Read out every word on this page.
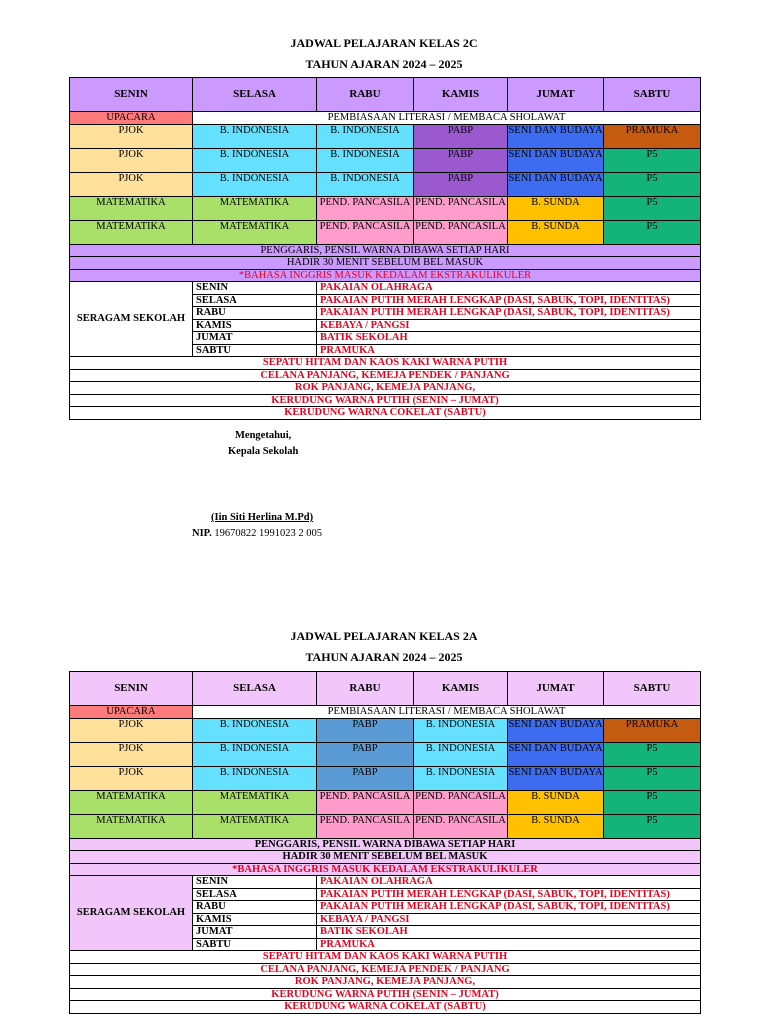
JADWAL PELAJARAN KELAS 2C
TAHUN AJARAN 2024 – 2025
SENIN	SELASA	RABU	KAMIS	JUMAT	SABTU
UPACARA	PEMBIASAAN LITERASI / MEMBACA SHOLAWAT				
PJOK	B. INDONESIA	B. INDONESIA	PABP	SENI DAN BUDAYA	PRAMUKA
PJOK	B. INDONESIA	B. INDONESIA	PABP	SENI DAN BUDAYA	P5
PJOK	B. INDONESIA	B. INDONESIA	PABP	SENI DAN BUDAYA	P5
MATEMATIKA	MATEMATIKA	PEND. PANCASILA	PEND. PANCASILA	B. SUNDA	P5
MATEMATIKA	MATEMATIKA	PEND. PANCASILA	PEND. PANCASILA	B. SUNDA	P5
PENGGARIS, PENSIL WARNA DIBAWA SETIAP HARI					
HADIR 30 MENIT SEBELUM BEL MASUK					
*BAHASA INGGRIS MASUK KEDALAM EKSTRAKULIKULER					
SERAGAM SEKOLAH	SENIN	PAKAIAN OLAHRAGA			
	SELASA	PAKAIAN PUTIH MERAH LENGKAP (DASI, SABUK, TOPI, IDENTITAS)			
	RABU	PAKAIAN PUTIH MERAH LENGKAP (DASI, SABUK, TOPI, IDENTITAS)			
	KAMIS	KEBAYA / PANGSI			
	JUMAT	BATIK SEKOLAH			
	SABTU	PRAMUKA			
SEPATU HITAM DAN KAOS KAKI WARNA PUTIH					
CELANA PANJANG, KEMEJA PENDEK / PANJANG					
ROK PANJANG, KEMEJA PANJANG,					
KERUDUNG WARNA PUTIH (SENIN – JUMAT)					
KERUDUNG WARNA COKELAT (SABTU)					
Mengetahui,
Kepala Sekolah
(Iin Siti Herlina M.Pd)
NIP. 19670822 1991023 2 005
JADWAL PELAJARAN KELAS 2A
TAHUN AJARAN 2024 – 2025
SENIN	SELASA	RABU	KAMIS	JUMAT	SABTU
UPACARA	PEMBIASAAN LITERASI / MEMBACA SHOLAWAT				
PJOK	B. INDONESIA	PABP	B. INDONESIA	SENI DAN BUDAYA	PRAMUKA
PJOK	B. INDONESIA	PABP	B. INDONESIA	SENI DAN BUDAYA	P5
PJOK	B. INDONESIA	PABP	B. INDONESIA	SENI DAN BUDAYA	P5
MATEMATIKA	MATEMATIKA	PEND. PANCASILA	PEND. PANCASILA	B. SUNDA	P5
MATEMATIKA	MATEMATIKA	PEND. PANCASILA	PEND. PANCASILA	B. SUNDA	P5
PENGGARIS, PENSIL WARNA DIBAWA SETIAP HARI					
HADIR 30 MENIT SEBELUM BEL MASUK					
*BAHASA INGGRIS MASUK KEDALAM EKSTRAKULIKULER					
SERAGAM SEKOLAH	SENIN	PAKAIAN OLAHRAGA			
	SELASA	PAKAIAN PUTIH MERAH LENGKAP (DASI, SABUK, TOPI, IDENTITAS)			
	RABU	PAKAIAN PUTIH MERAH LENGKAP (DASI, SABUK, TOPI, IDENTITAS)			
	KAMIS	KEBAYA / PANGSI			
	JUMAT	BATIK SEKOLAH			
	SABTU	PRAMUKA			
SEPATU HITAM DAN KAOS KAKI WARNA PUTIH					
CELANA PANJANG, KEMEJA PENDEK / PANJANG					
ROK PANJANG, KEMEJA PANJANG,					
KERUDUNG WARNA PUTIH (SENIN – JUMAT)					
KERUDUNG WARNA COKELAT (SABTU)					
